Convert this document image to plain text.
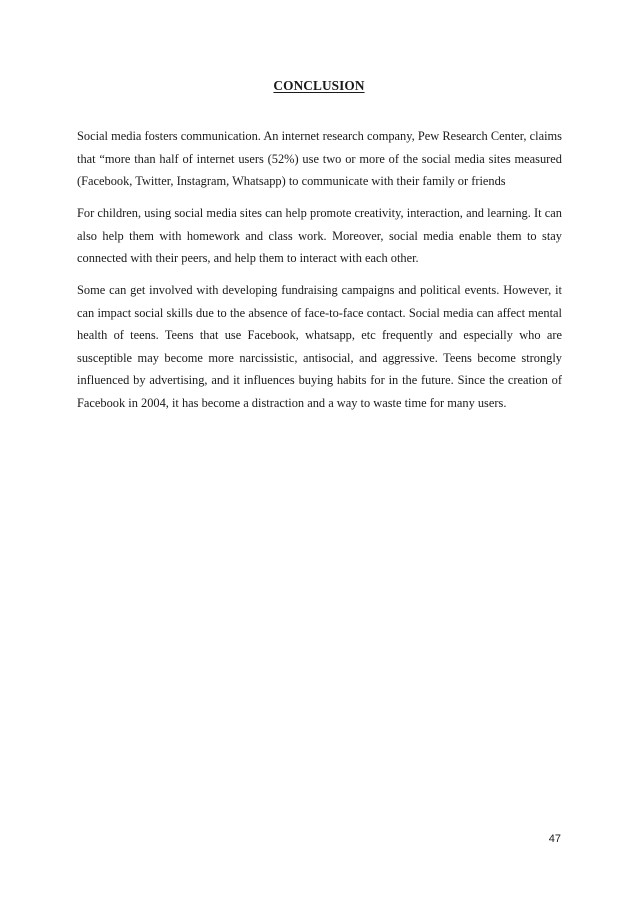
CONCLUSION

Social media fosters communication. An internet research company, Pew Research Center, claims that “more than half of internet users (52%) use two or more of the social media sites measured (Facebook, Twitter, Instagram, Whatsapp) to communicate with their family or friends

For children, using social media sites can help promote creativity, interaction, and learning. It can also help them with homework and class work. Moreover, social media enable them to stay connected with their peers, and help them to interact with each other.

Some can get involved with developing fundraising campaigns and political events. However, it can impact social skills due to the absence of face-to-face contact. Social media can affect mental health of teens. Teens that use Facebook, whatsapp, etc frequently and especially who are susceptible may become more narcissistic, antisocial, and aggressive. Teens become strongly influenced by advertising, and it influences buying habits for in the future. Since the creation of Facebook in 2004, it has become a distraction and a way to waste time for many users.

47
